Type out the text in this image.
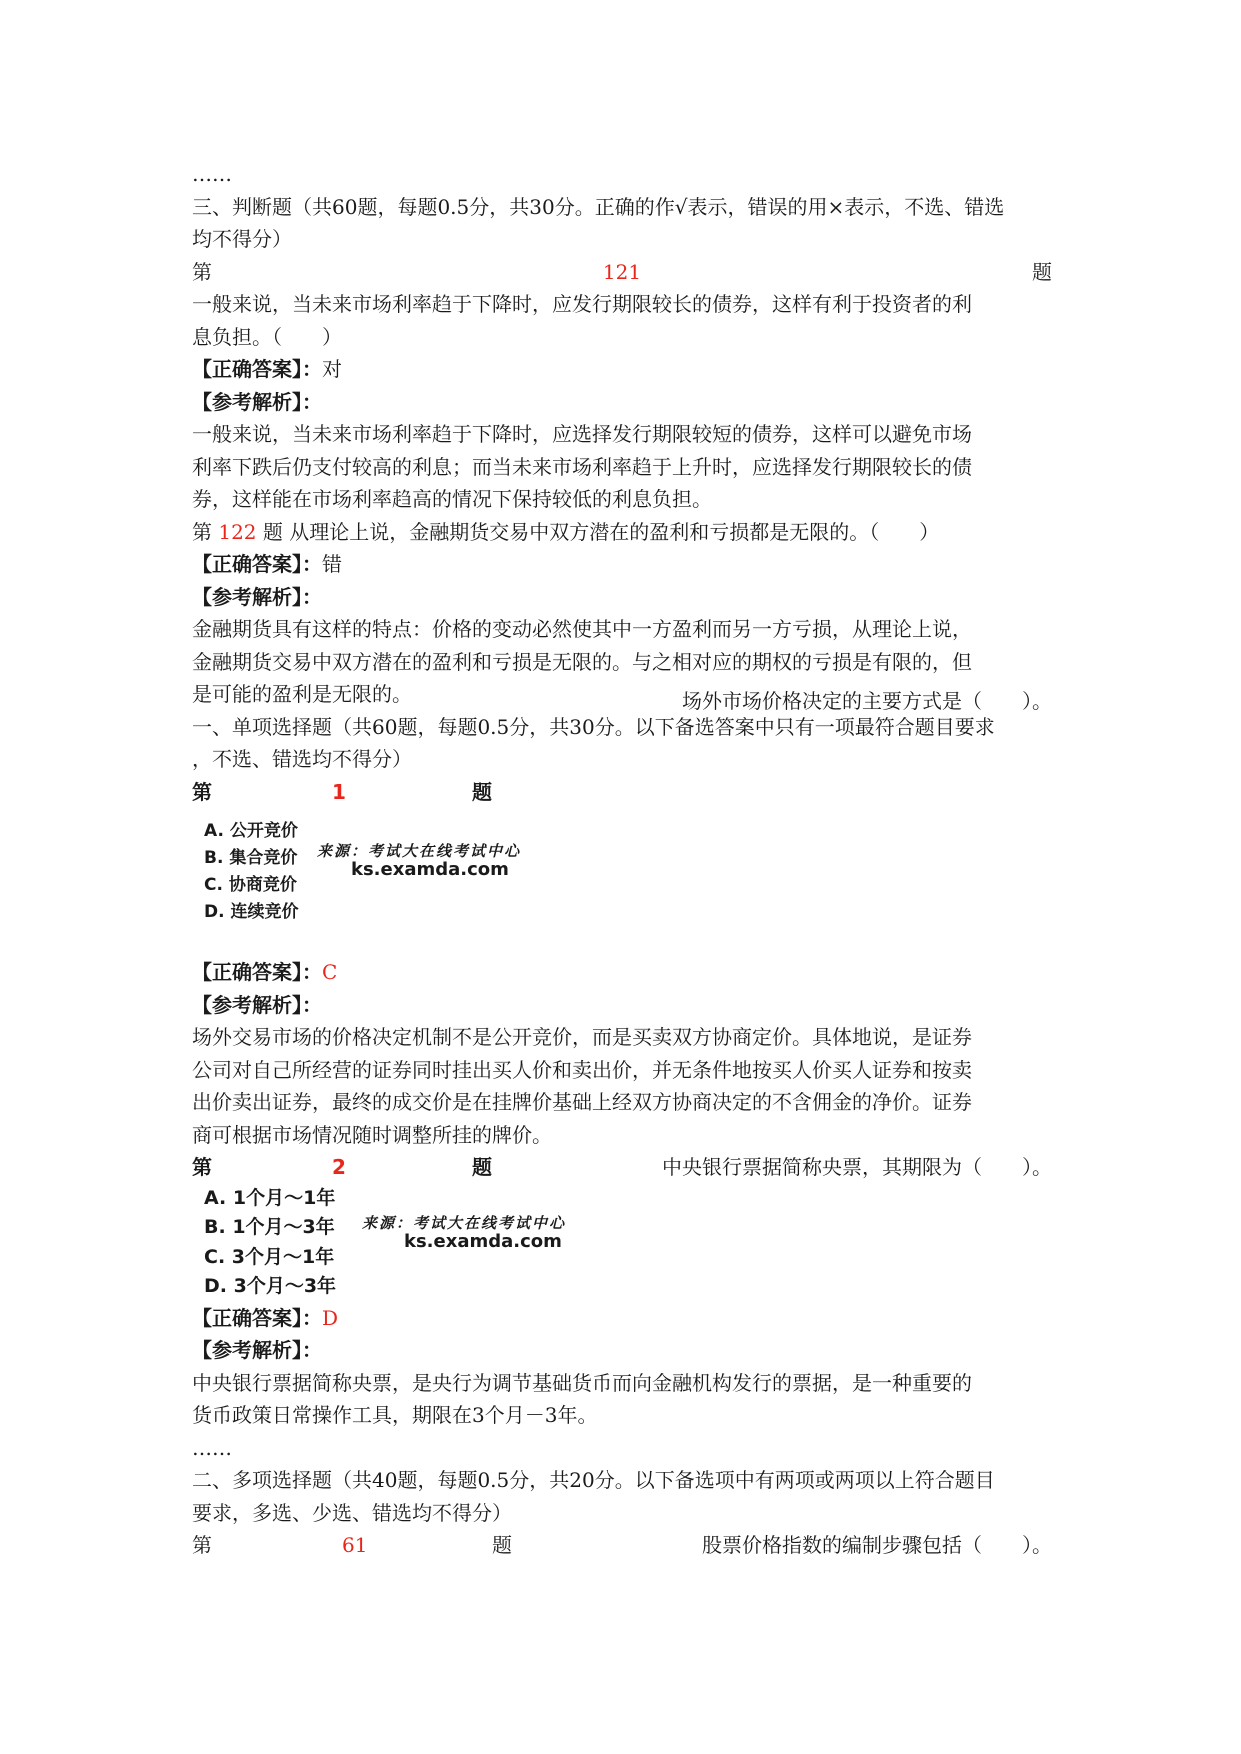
……
三、判断题（共60题，每题0.5分，共30分。正确的作√表示，错误的用×表示，不选、错选
均不得分）
第	121	题
一般来说，当未来市场利率趋于下降时，应发行期限较长的债券，这样有利于投资者的利
息负担。（　　）
【正确答案】：对
【参考解析】：
一般来说，当未来市场利率趋于下降时，应选择发行期限较短的债券，这样可以避免市场
利率下跌后仍支付较高的利息；而当未来市场利率趋于上升时，应选择发行期限较长的债
券，这样能在市场利率趋高的情况下保持较低的利息负担。
第 122 题 从理论上说，金融期货交易中双方潜在的盈利和亏损都是无限的。（　　）
【正确答案】：错
【参考解析】：
金融期货具有这样的特点：价格的变动必然使其中一方盈利而另一方亏损，从理论上说，
金融期货交易中双方潜在的盈利和亏损是无限的。与之相对应的期权的亏损是有限的，但
是可能的盈利是无限的。
一、单项选择题（共60题，每题0.5分，共30分。以下备选答案中只有一项最符合题目要求
，不选、错选均不得分）
第	1	题
场外市场价格决定的主要方式是（　　）。
A. 公开竞价
B. 集合竞价
C. 协商竞价
D. 连续竞价
来源：考试大在线考试中心
ks.examda.com
【正确答案】：C
【参考解析】：
场外交易市场的价格决定机制不是公开竞价，而是买卖双方协商定价。具体地说，是证券
公司对自己所经营的证券同时挂出买人价和卖出价，并无条件地按买人价买人证券和按卖
出价卖出证券，最终的成交价是在挂牌价基础上经双方协商决定的不含佣金的净价。证券
商可根据市场情况随时调整所挂的牌价。
第	2	题	中央银行票据简称央票，其期限为（　　）。
A. 1个月～1年
B. 1个月～3年
C. 3个月～1年
D. 3个月～3年
来源：考试大在线考试中心
ks.examda.com
【正确答案】：D
【参考解析】：
中央银行票据简称央票，是央行为调节基础货币而向金融机构发行的票据，是一种重要的
货币政策日常操作工具，期限在3个月－3年。
……
二、多项选择题（共40题，每题0.5分，共20分。以下备选项中有两项或两项以上符合题目
要求，多选、少选、错选均不得分）
第	61	题	股票价格指数的编制步骤包括（　　）。
